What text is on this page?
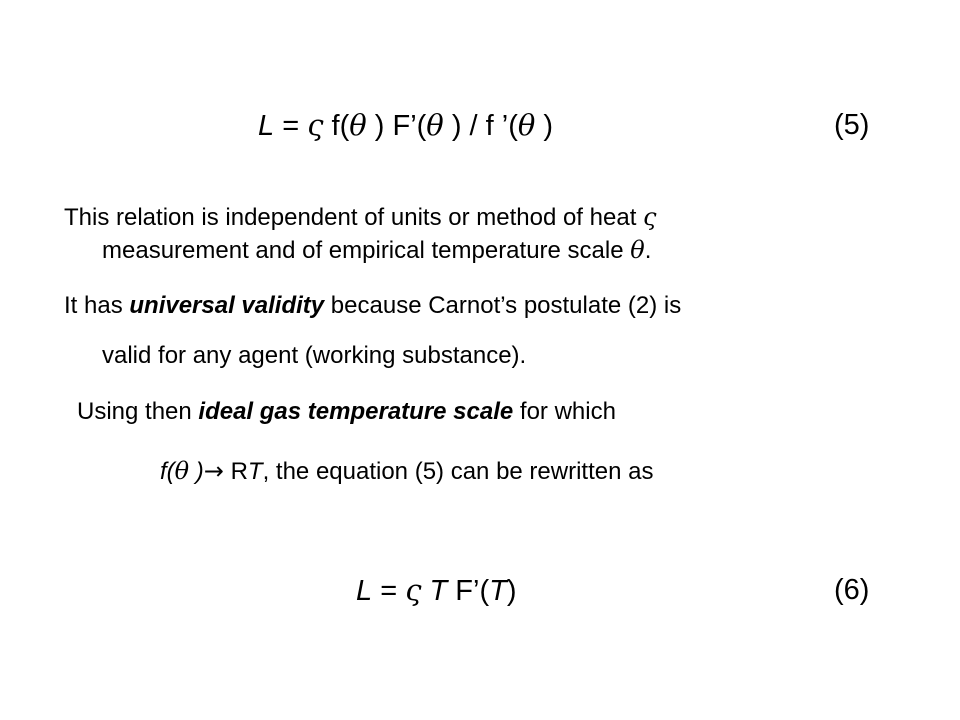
L = ς f(θ ) F’(θ ) / f ’(θ )	(5)
This relation is independent of units or method of heat ς
measurement and of empirical temperature scale θ.
It has universal validity because Carnot’s postulate (2) is
valid for any agent (working substance).
Using then ideal gas temperature scale for which
f(θ )→ RT, the equation (5) can be rewritten as
L = ς T F’(T)	(6)
